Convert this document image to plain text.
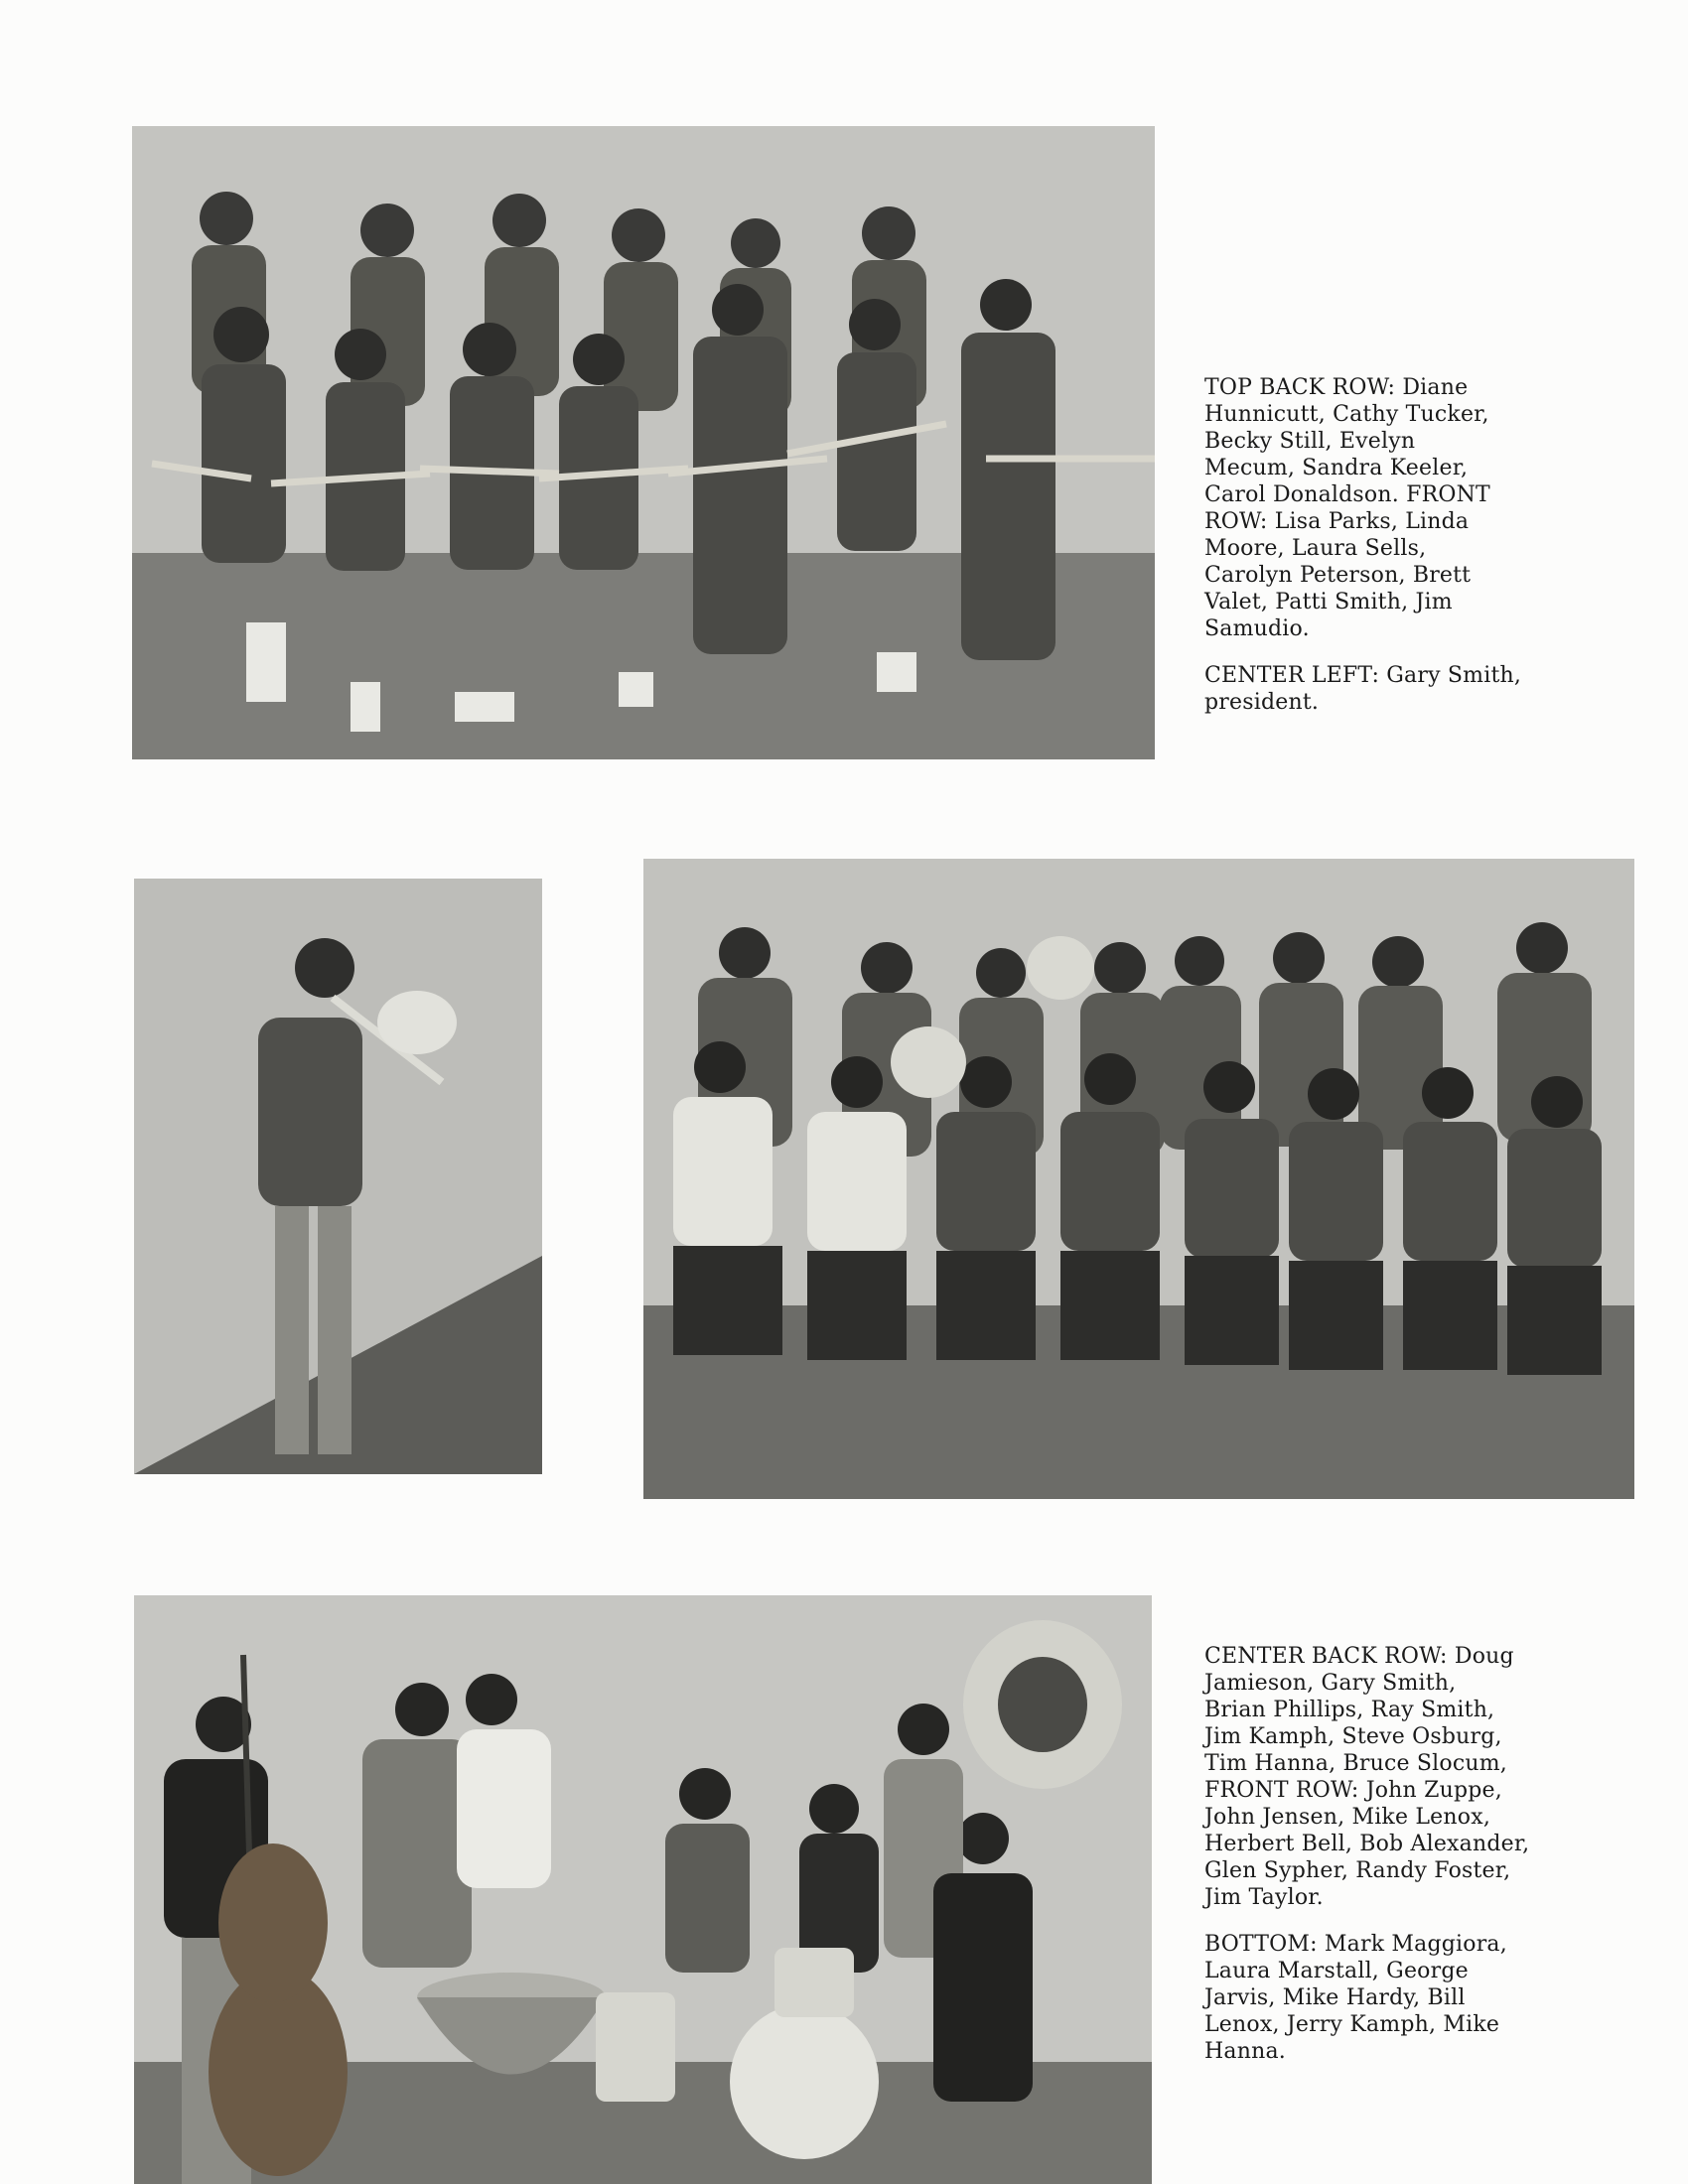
TOP BACK ROW: Diane
Hunnicutt, Cathy Tucker,
Becky Still, Evelyn
Mecum, Sandra Keeler,
Carol Donaldson. FRONT
ROW: Lisa Parks, Linda
Moore, Laura Sells,
Carolyn Peterson, Brett
Valet, Patti Smith, Jim
Samudio.

CENTER LEFT: Gary Smith,
president.

CENTER BACK ROW: Doug
Jamieson, Gary Smith,
Brian Phillips, Ray Smith,
Jim Kamph, Steve Osburg,
Tim Hanna, Bruce Slocum,
FRONT ROW: John Zuppe,
John Jensen, Mike Lenox,
Herbert Bell, Bob Alexander,
Glen Sypher, Randy Foster,
Jim Taylor.

BOTTOM: Mark Maggiora,
Laura Marstall, George
Jarvis, Mike Hardy, Bill
Lenox, Jerry Kamph, Mike
Hanna.
